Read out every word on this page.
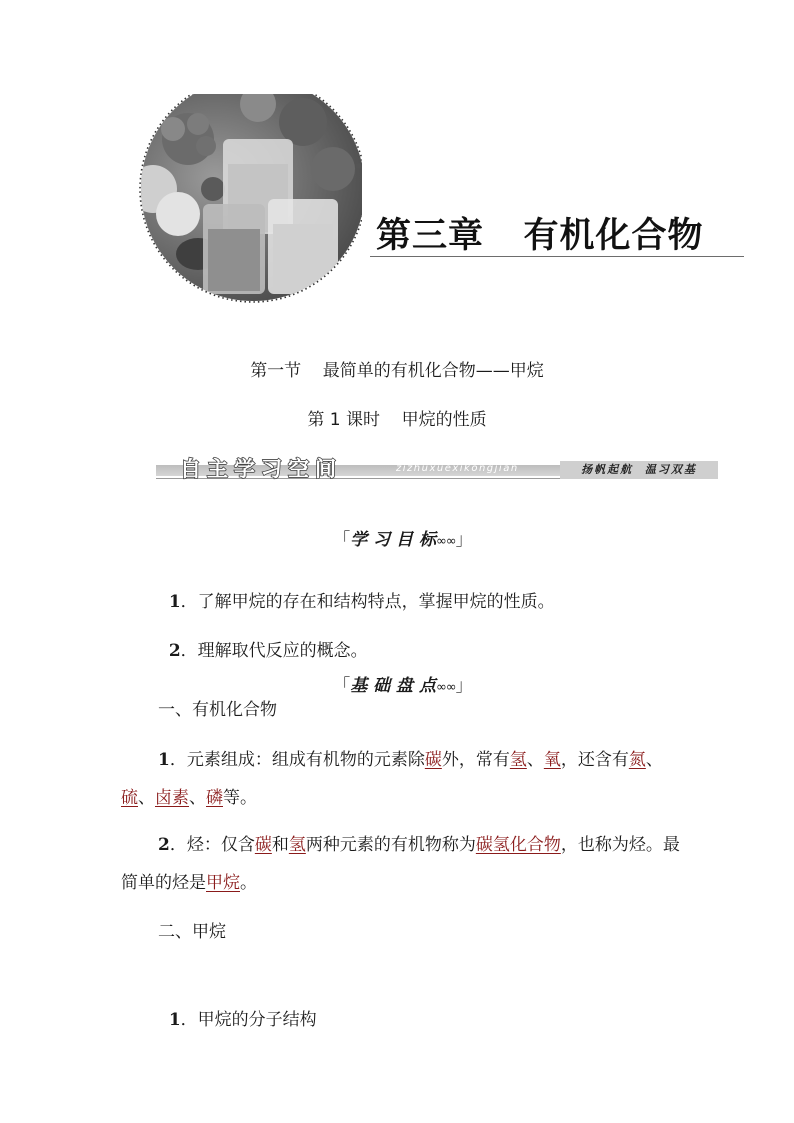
第三章   有机化合物
第一节    最简单的有机化合物——甲烷
第 1 课时    甲烷的性质
自主学习空间	zizhuxuexikongjian	扬帆起航  温习双基

「学 习 目 标∞∞」

1．了解甲烷的存在和结构特点，掌握甲烷的性质。

2．理解取代反应的概念。

「基 础 盘 点∞∞」

一、有机化合物
1．元素组成：组成有机物的元素除碳外，常有氢、氧，还含有氮、硫、卤素、磷等。
2．烃：仅含碳和氢两种元素的有机物称为碳氢化合物，也称为烃。最简单的烃是甲烷。
二、甲烷

1．甲烷的分子结构
